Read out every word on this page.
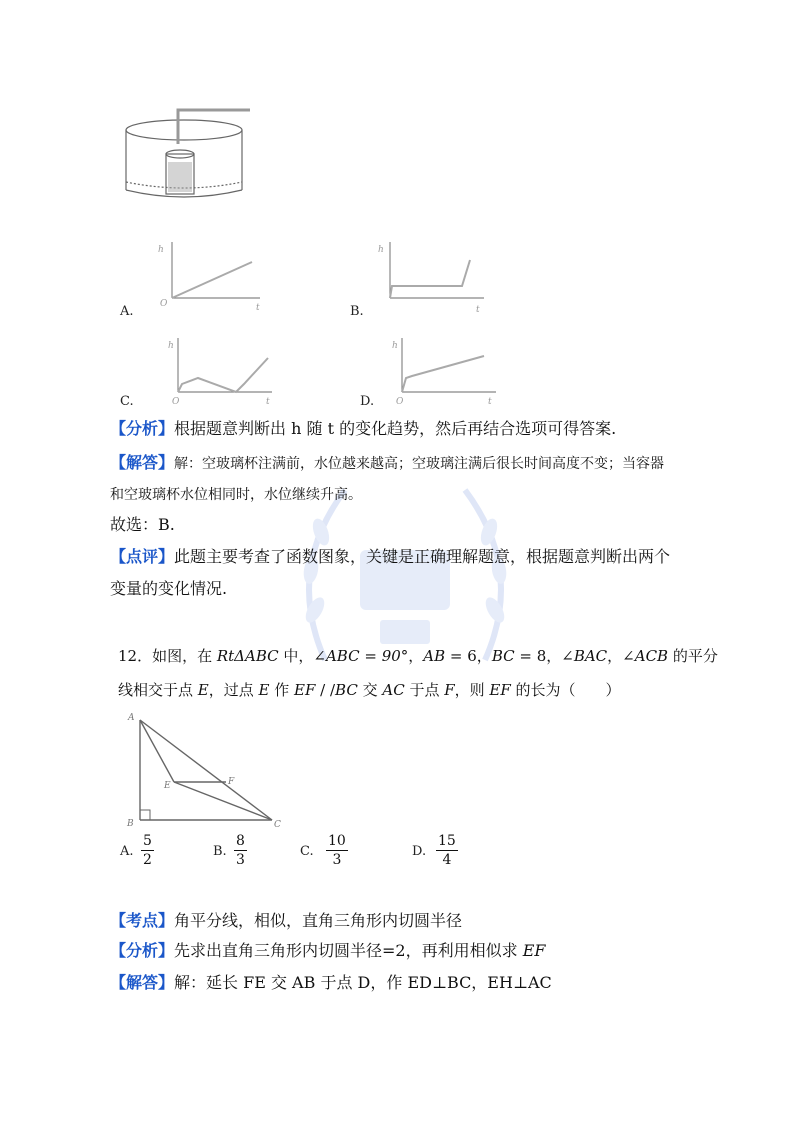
A.
h
O	t	B.
h
t
C.
h
O	t	D.
h
O	t
【分析】根据题意判断出 h 随 t 的变化趋势，然后再结合选项可得答案.
【解答】解：空玻璃杯注满前，水位越来越高；空玻璃注满后很长时间高度不变；当容器
和空玻璃杯水位相同时，水位继续升高。
故选：B.
【点评】此题主要考查了函数图象，关键是正确理解题意，根据题意判断出两个
变量的变化情况.
12．如图，在 RtΔABC 中，∠ABC = 90°，AB = 6，BC = 8，∠BAC，∠ACB 的平分
线相交于点 E，过点 E 作 EF / /BC 交 AC 于点 F，则 EF 的长为（　　）
A
B	C
E	F
A. $\frac{5}{2}$	B. $\frac{8}{3}$	C. $\frac{10}{3}$	D. $\frac{15}{4}$
【考点】角平分线，相似，直角三角形内切圆半径
【分析】先求出直角三角形内切圆半径=2，再利用相似求 EF
【解答】解：延长 FE 交 AB 于点 D，作 ED⊥BC，EH⊥AC
